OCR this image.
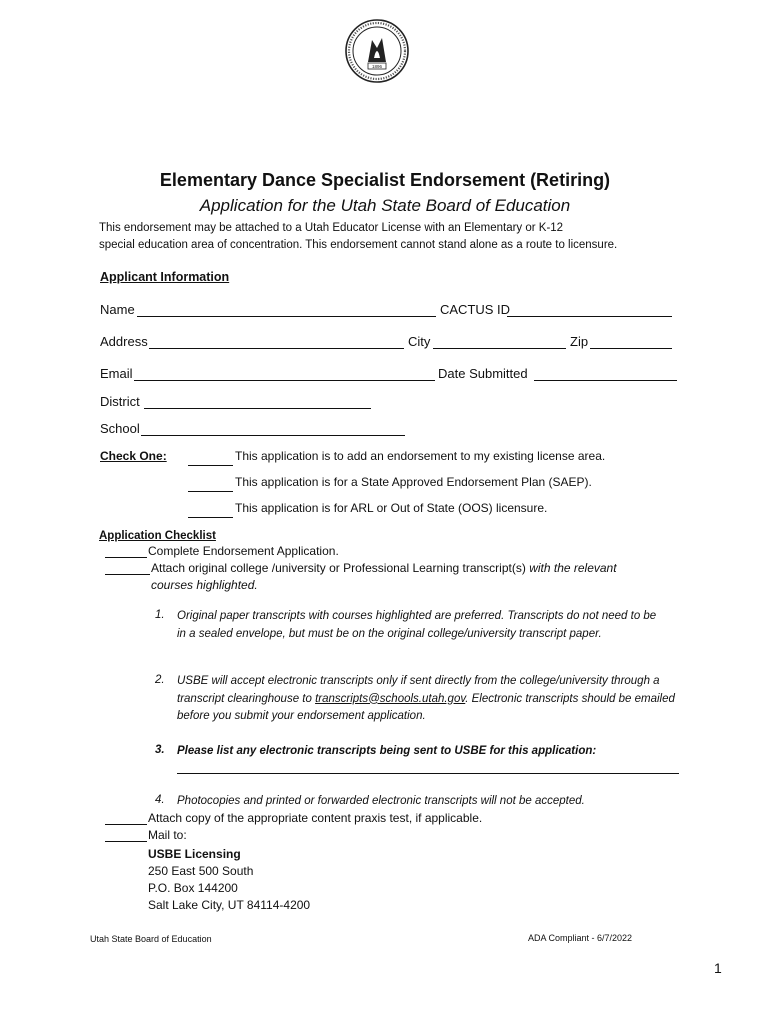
1896
Elementary Dance Specialist Endorsement (Retiring)
Application for the Utah State Board of Education
This endorsement may be attached to a Utah Educator License with an Elementary or K-12
special education area of concentration. This endorsement cannot stand alone as a route to licensure.
Applicant Information
Name	CACTUS ID
Address	City	Zip
Email	Date Submitted
District
School
Check One:	This application is to add an endorsement to my existing license area.
This application is for a State Approved Endorsement Plan (SAEP).
This application is for ARL or Out of State (OOS) licensure.
Application Checklist
Complete Endorsement Application.
Attach original college /university or Professional Learning transcript(s) with the relevant
courses highlighted.
1. Original paper transcripts with courses highlighted are preferred. Transcripts do not need to be in a sealed envelope, but must be on the original college/university transcript paper.
2. USBE will accept electronic transcripts only if sent directly from the college/university through a transcript clearinghouse to transcripts@schools.utah.gov. Electronic transcripts should be emailed before you submit your endorsement application.
3. Please list any electronic transcripts being sent to USBE for this application:
4. Photocopies and printed or forwarded electronic transcripts will not be accepted.
Attach copy of the appropriate content praxis test, if applicable.
Mail to:
USBE Licensing
250 East 500 South
P.O. Box 144200
Salt Lake City, UT 84114-4200
Utah State Board of Education	ADA Compliant - 6/7/2022
1
